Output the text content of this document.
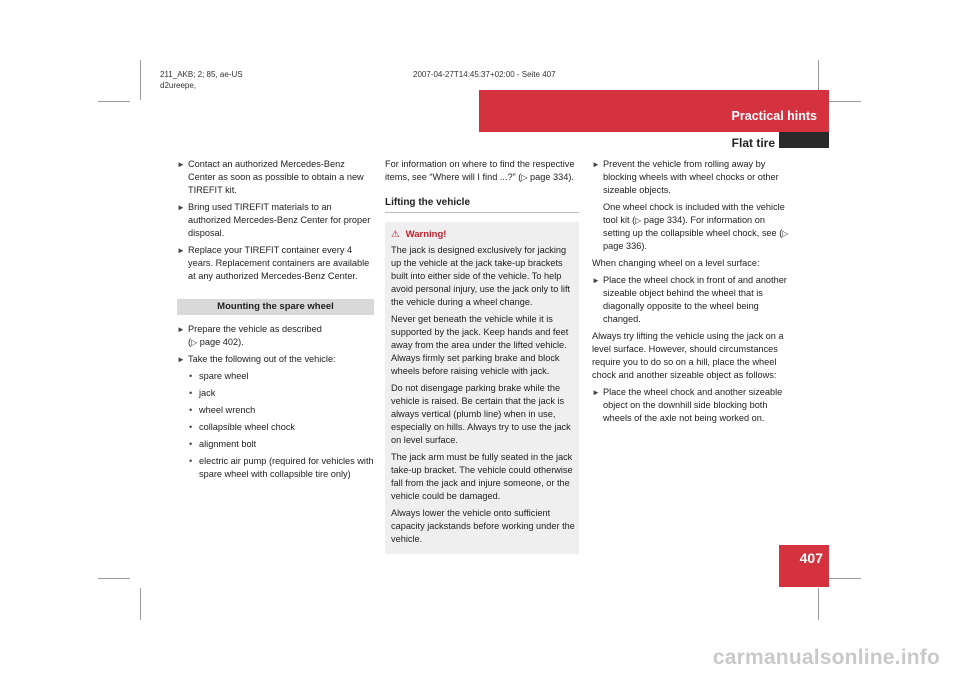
211_AKB; 2; 85, ae-US
d2ureepe,
2007-04-27T14:45:37+02:00 - Seite 407
Practical hints
Flat tire
407
► Contact an authorized Mercedes-Benz Center as soon as possible to obtain a new TIREFIT kit.
► Bring used TIREFIT materials to an authorized Mercedes-Benz Center for proper disposal.
► Replace your TIREFIT container every 4 years. Replacement containers are available at any authorized Mercedes-Benz Center.
Mounting the spare wheel
► Prepare the vehicle as described
(▷ page 402).
► Take the following out of the vehicle:
• spare wheel
• jack
• wheel wrench
• collapsible wheel chock
• alignment bolt
• electric air pump (required for vehicles with spare wheel with collapsible tire only)

For information on where to find the respective items, see “Where will I find ...?” (▷ page 334).

Lifting the vehicle
⚠ Warning!

The jack is designed exclusively for jacking up the vehicle at the jack take-up brackets built into either side of the vehicle. To help avoid personal injury, use the jack only to lift the vehicle during a wheel change.

Never get beneath the vehicle while it is supported by the jack. Keep hands and feet away from the area under the lifted vehicle. Always firmly set parking brake and block wheels before raising vehicle with jack.

Do not disengage parking brake while the vehicle is raised. Be certain that the jack is always vertical (plumb line) when in use, especially on hills. Always try to use the jack on level surface.

The jack arm must be fully seated in the jack take-up bracket. The vehicle could otherwise fall from the jack and injure someone, or the vehicle could be damaged.

Always lower the vehicle onto sufficient capacity jackstands before working under the vehicle.

► Prevent the vehicle from rolling away by blocking wheels with wheel chocks or other sizeable objects.
One wheel chock is included with the vehicle tool kit (▷ page 334). For information on setting up the collapsible wheel chock, see (▷ page 336).

When changing wheel on a level surface:

► Place the wheel chock in front of and another sizeable object behind the wheel that is diagonally opposite to the wheel being changed.

Always try lifting the vehicle using the jack on a level surface. However, should circumstances require you to do so on a hill, place the wheel chock and another sizeable object as follows:

► Place the wheel chock and another sizeable object on the downhill side blocking both wheels of the axle not being worked on.
carmanualsonline.info
